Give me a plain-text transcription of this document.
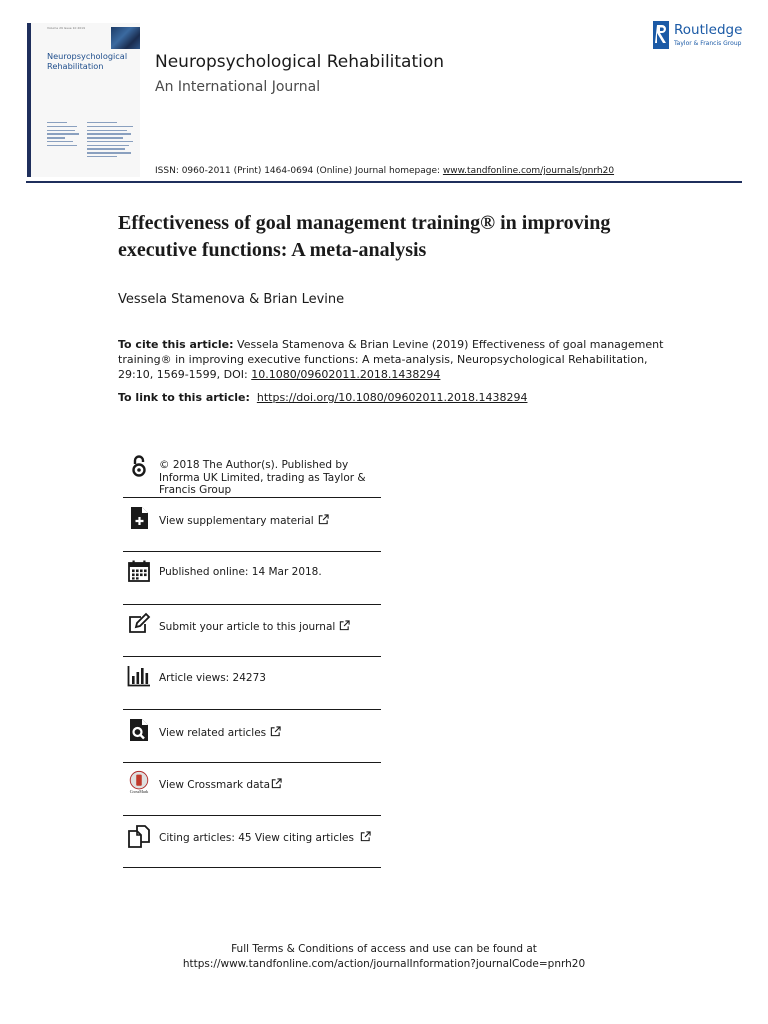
Volume 29 Issue 10 2019
Neuropsychological Rehabilitation	Neuropsychological Rehabilitation
An International Journal
ISSN: 0960-2011 (Print) 1464-0694 (Online) Journal homepage: www.tandfonline.com/journals/pnrh20
Routledge
Taylor & Francis Group
Effectiveness of goal management training® in improving executive functions: A meta-analysis
Vessela Stamenova & Brian Levine
To cite this article: Vessela Stamenova & Brian Levine (2019) Effectiveness of goal management training® in improving executive functions: A meta-analysis, Neuropsychological Rehabilitation, 29:10, 1569-1599, DOI: 10.1080/09602011.2018.1438294
To link to this article: https://doi.org/10.1080/09602011.2018.1438294
© 2018 The Author(s). Published by Informa UK Limited, trading as Taylor & Francis Group
View supplementary material
Published online: 14 Mar 2018.
Submit your article to this journal
Article views: 24273
View related articles
CrossMark
View Crossmark data
Citing articles: 45 View citing articles
Full Terms & Conditions of access and use can be found at
https://www.tandfonline.com/action/journalInformation?journalCode=pnrh20
